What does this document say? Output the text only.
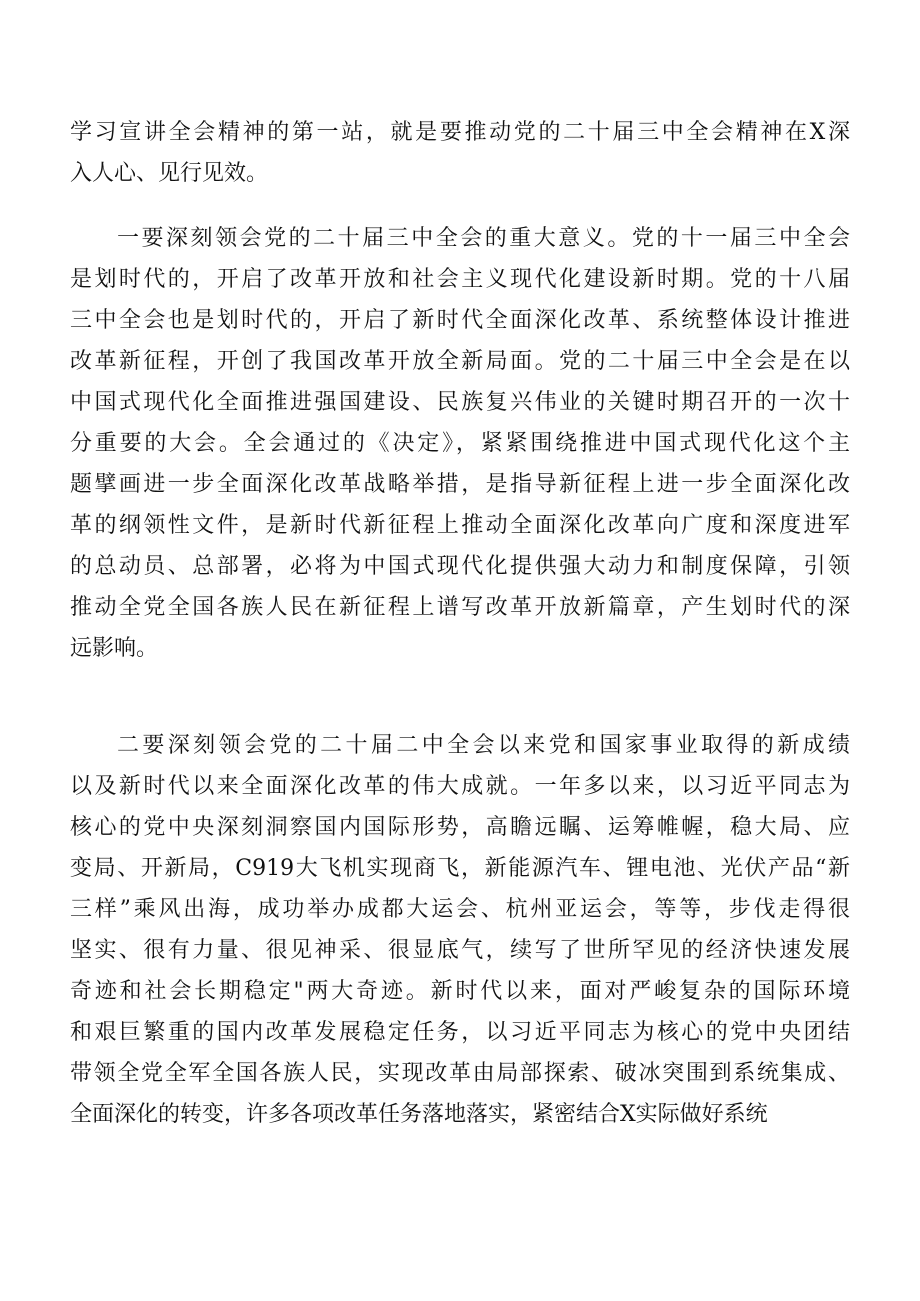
学习宣讲全会精神的第一站，就是要推动党的二十届三中全会精神在X深
入人心、见行见效。
一要深刻领会党的二十届三中全会的重大意义。党的十一届三中全会
是划时代的，开启了改革开放和社会主义现代化建设新时期。党的十八届
三中全会也是划时代的，开启了新时代全面深化改革、系统整体设计推进
改革新征程，开创了我国改革开放全新局面。党的二十届三中全会是在以
中国式现代化全面推进强国建设、民族复兴伟业的关键时期召开的一次十
分重要的大会。全会通过的《决定》，紧紧围绕推进中国式现代化这个主
题擘画进一步全面深化改革战略举措，是指导新征程上进一步全面深化改
革的纲领性文件，是新时代新征程上推动全面深化改革向广度和深度进军
的总动员、总部署，必将为中国式现代化提供强大动力和制度保障，引领
推动全党全国各族人民在新征程上谱写改革开放新篇章，产生划时代的深
远影响。
二要深刻领会党的二十届二中全会以来党和国家事业取得的新成绩
以及新时代以来全面深化改革的伟大成就。一年多以来，以习近平同志为
核心的党中央深刻洞察国内国际形势，高瞻远瞩、运筹帷幄，稳大局、应
变局、开新局，C919大飞机实现商飞，新能源汽车、锂电池、光伏产品“新
三样”乘风出海，成功举办成都大运会、杭州亚运会，等等，步伐走得很
坚实、很有力量、很见神采、很显底气，续写了世所罕见的经济快速发展
奇迹和社会长期稳定"两大奇迹。新时代以来，面对严峻复杂的国际环境
和艰巨繁重的国内改革发展稳定任务，以习近平同志为核心的党中央团结
带领全党全军全国各族人民，实现改革由局部探索、破冰突围到系统集成、
全面深化的转变，许多各项改革任务落地落实，紧密结合X实际做好系统
